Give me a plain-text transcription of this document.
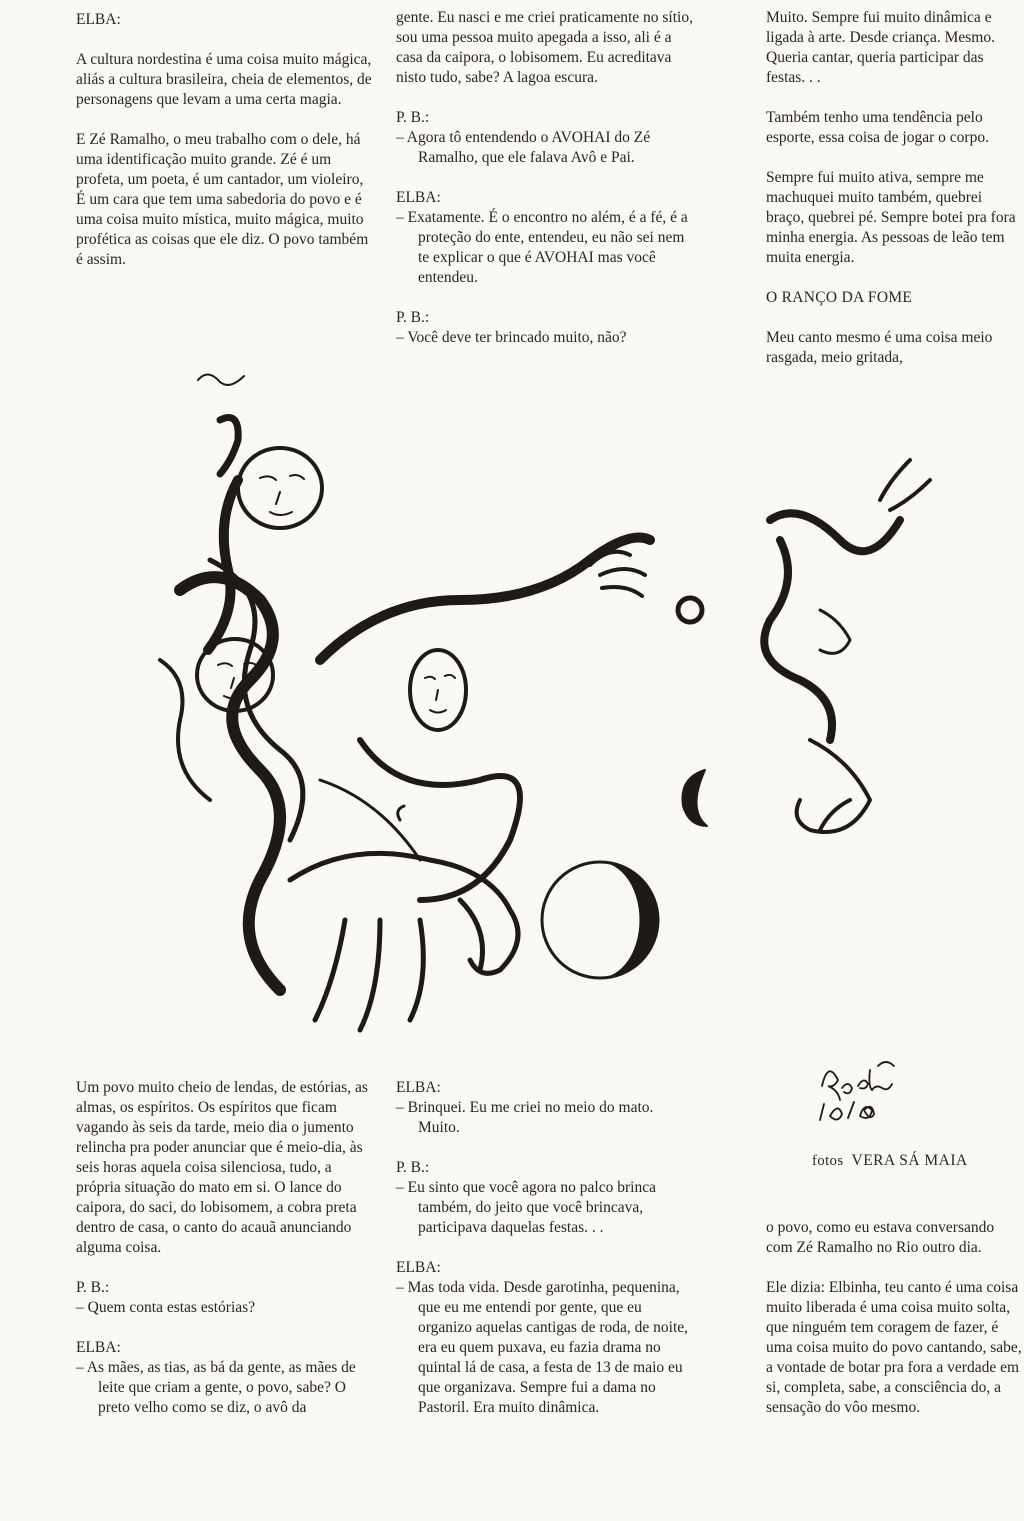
ELBA:

A cultura nordestina é uma coisa muito mágica, aliás a cultura brasileira, cheia de elementos, de personagens que levam a uma certa magia.

E Zé Ramalho, o meu trabalho com o dele, há uma identificação muito grande. Zé é um profeta, um poeta, é um cantador, um violeiro, É um cara que tem uma sabedoria do povo e é uma coisa muito mística, muito mágica, muito profética as coisas que ele diz. O povo também é assim.

gente. Eu nasci e me criei praticamente no sítio, sou uma pessoa muito apegada a isso, ali é a casa da caipora, o lobisomem. Eu acreditava nisto tudo, sabe? A lagoa escura.

P. B.:

– Agora tô entendendo o AVOHAI do Zé Ramalho, que ele falava Avô e Pai.

ELBA:

– Exatamente. É o encontro no além, é a fé, é a proteção do ente, entendeu, eu não sei nem te explicar o que é AVOHAI mas você entendeu.

P. B.:

– Você deve ter brincado muito, não?

Muito. Sempre fui muito dinâmica e ligada à arte. Desde criança. Mesmo. Queria cantar, queria participar das festas. . .

Também tenho uma tendência pelo esporte, essa coisa de jogar o corpo.

Sempre fui muito ativa, sempre me machuquei muito também, quebrei braço, quebrei pé. Sempre botei pra fora minha energia. As pessoas de leão tem muita energia.

O RANÇO DA FOME

Meu canto mesmo é uma coisa meio rasgada, meio gritada,

fotos VERA SÁ MAIA

Um povo muito cheio de lendas, de estórias, as almas, os espíritos. Os espíritos que ficam vagando às seis da tarde, meio dia o jumento relincha pra poder anunciar que é meio-dia, às seis horas aquela coisa silenciosa, tudo, a própria situação do mato em si. O lance do caipora, do saci, do lobisomem, a cobra preta dentro de casa, o canto do acauã anunciando alguma coisa.

P. B.:

– Quem conta estas estórias?

ELBA:

– As mães, as tias, as bá da gente, as mães de leite que criam a gente, o povo, sabe? O preto velho como se diz, o avô da

ELBA:

– Brinquei. Eu me criei no meio do mato. Muito.

P. B.:

– Eu sinto que você agora no palco brinca também, do jeito que você brincava, participava daquelas festas. . .

ELBA:

– Mas toda vida. Desde garotinha, pequenina, que eu me entendi por gente, que eu organizo aquelas cantigas de roda, de noite, era eu quem puxava, eu fazia drama no quintal lá de casa, a festa de 13 de maio eu que organizava. Sempre fui a dama no Pastoril. Era muito dinâmica.

o povo, como eu estava conversando com Zé Ramalho no Rio outro dia.

Ele dizia: Elbinha, teu canto é uma coisa muito liberada é uma coisa muito solta, que ninguém tem coragem de fazer, é uma coisa muito do povo cantando, sabe, a vontade de botar pra fora a verdade em si, completa, sabe, a consciência do, a sensação do vôo mesmo.
